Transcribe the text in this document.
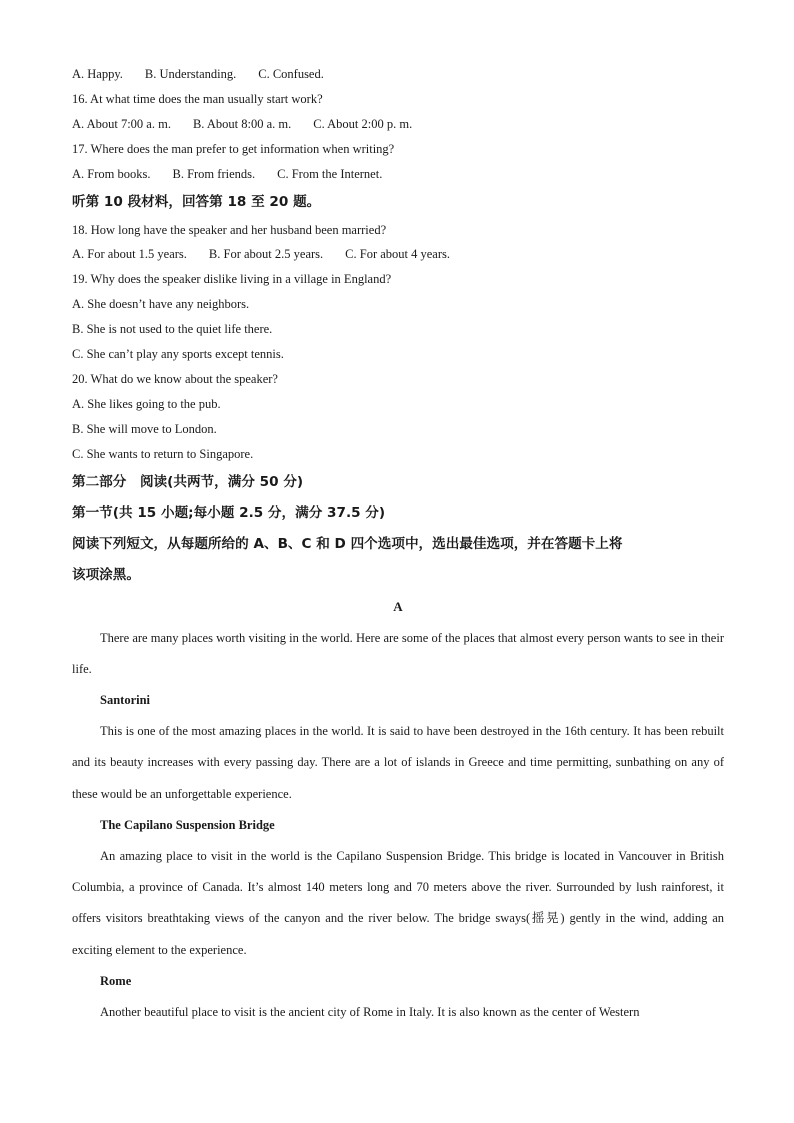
A. Happy. B. Understanding. C. Confused.

16. At what time does the man usually start work?

A. About 7:00 a. m. B. About 8:00 a. m. C. About 2:00 p. m.

17. Where does the man prefer to get information when writing?

A. From books. B. From friends. C. From the Internet.

听第 10 段材料，回答第 18 至 20 题。

18. How long have the speaker and her husband been married?

A. For about 1.5 years. B. For about 2.5 years. C. For about 4 years.

19. Why does the speaker dislike living in a village in England?

A. She doesn’t have any neighbors.

B. She is not used to the quiet life there.

C. She can’t play any sports except tennis.

20. What do we know about the speaker?

A. She likes going to the pub.

B. She will move to London.

C. She wants to return to Singapore.

第二部分　阅读(共两节，满分 50 分)

第一节(共 15 小题;每小题 2.5 分，满分 37.5 分)

阅读下列短文，从每题所给的 A、B、C 和 D 四个选项中，选出最佳选项，并在答题卡上将

该项涂黑。

A

There are many places worth visiting in the world. Here are some of the places that almost every person wants to see in their life.

Santorini

This is one of the most amazing places in the world. It is said to have been destroyed in the 16th century. It has been rebuilt and its beauty increases with every passing day. There are a lot of islands in Greece and time permitting, sunbathing on any of these would be an unforgettable experience.

The Capilano Suspension Bridge

An amazing place to visit in the world is the Capilano Suspension Bridge. This bridge is located in Vancouver in British Columbia, a province of Canada. It’s almost 140 meters long and 70 meters above the river. Surrounded by lush rainforest, it offers visitors breathtaking views of the canyon and the river below. The bridge sways(摇晃) gently in the wind, adding an exciting element to the experience.

Rome

Another beautiful place to visit is the ancient city of Rome in Italy. It is also known as the center of Western
